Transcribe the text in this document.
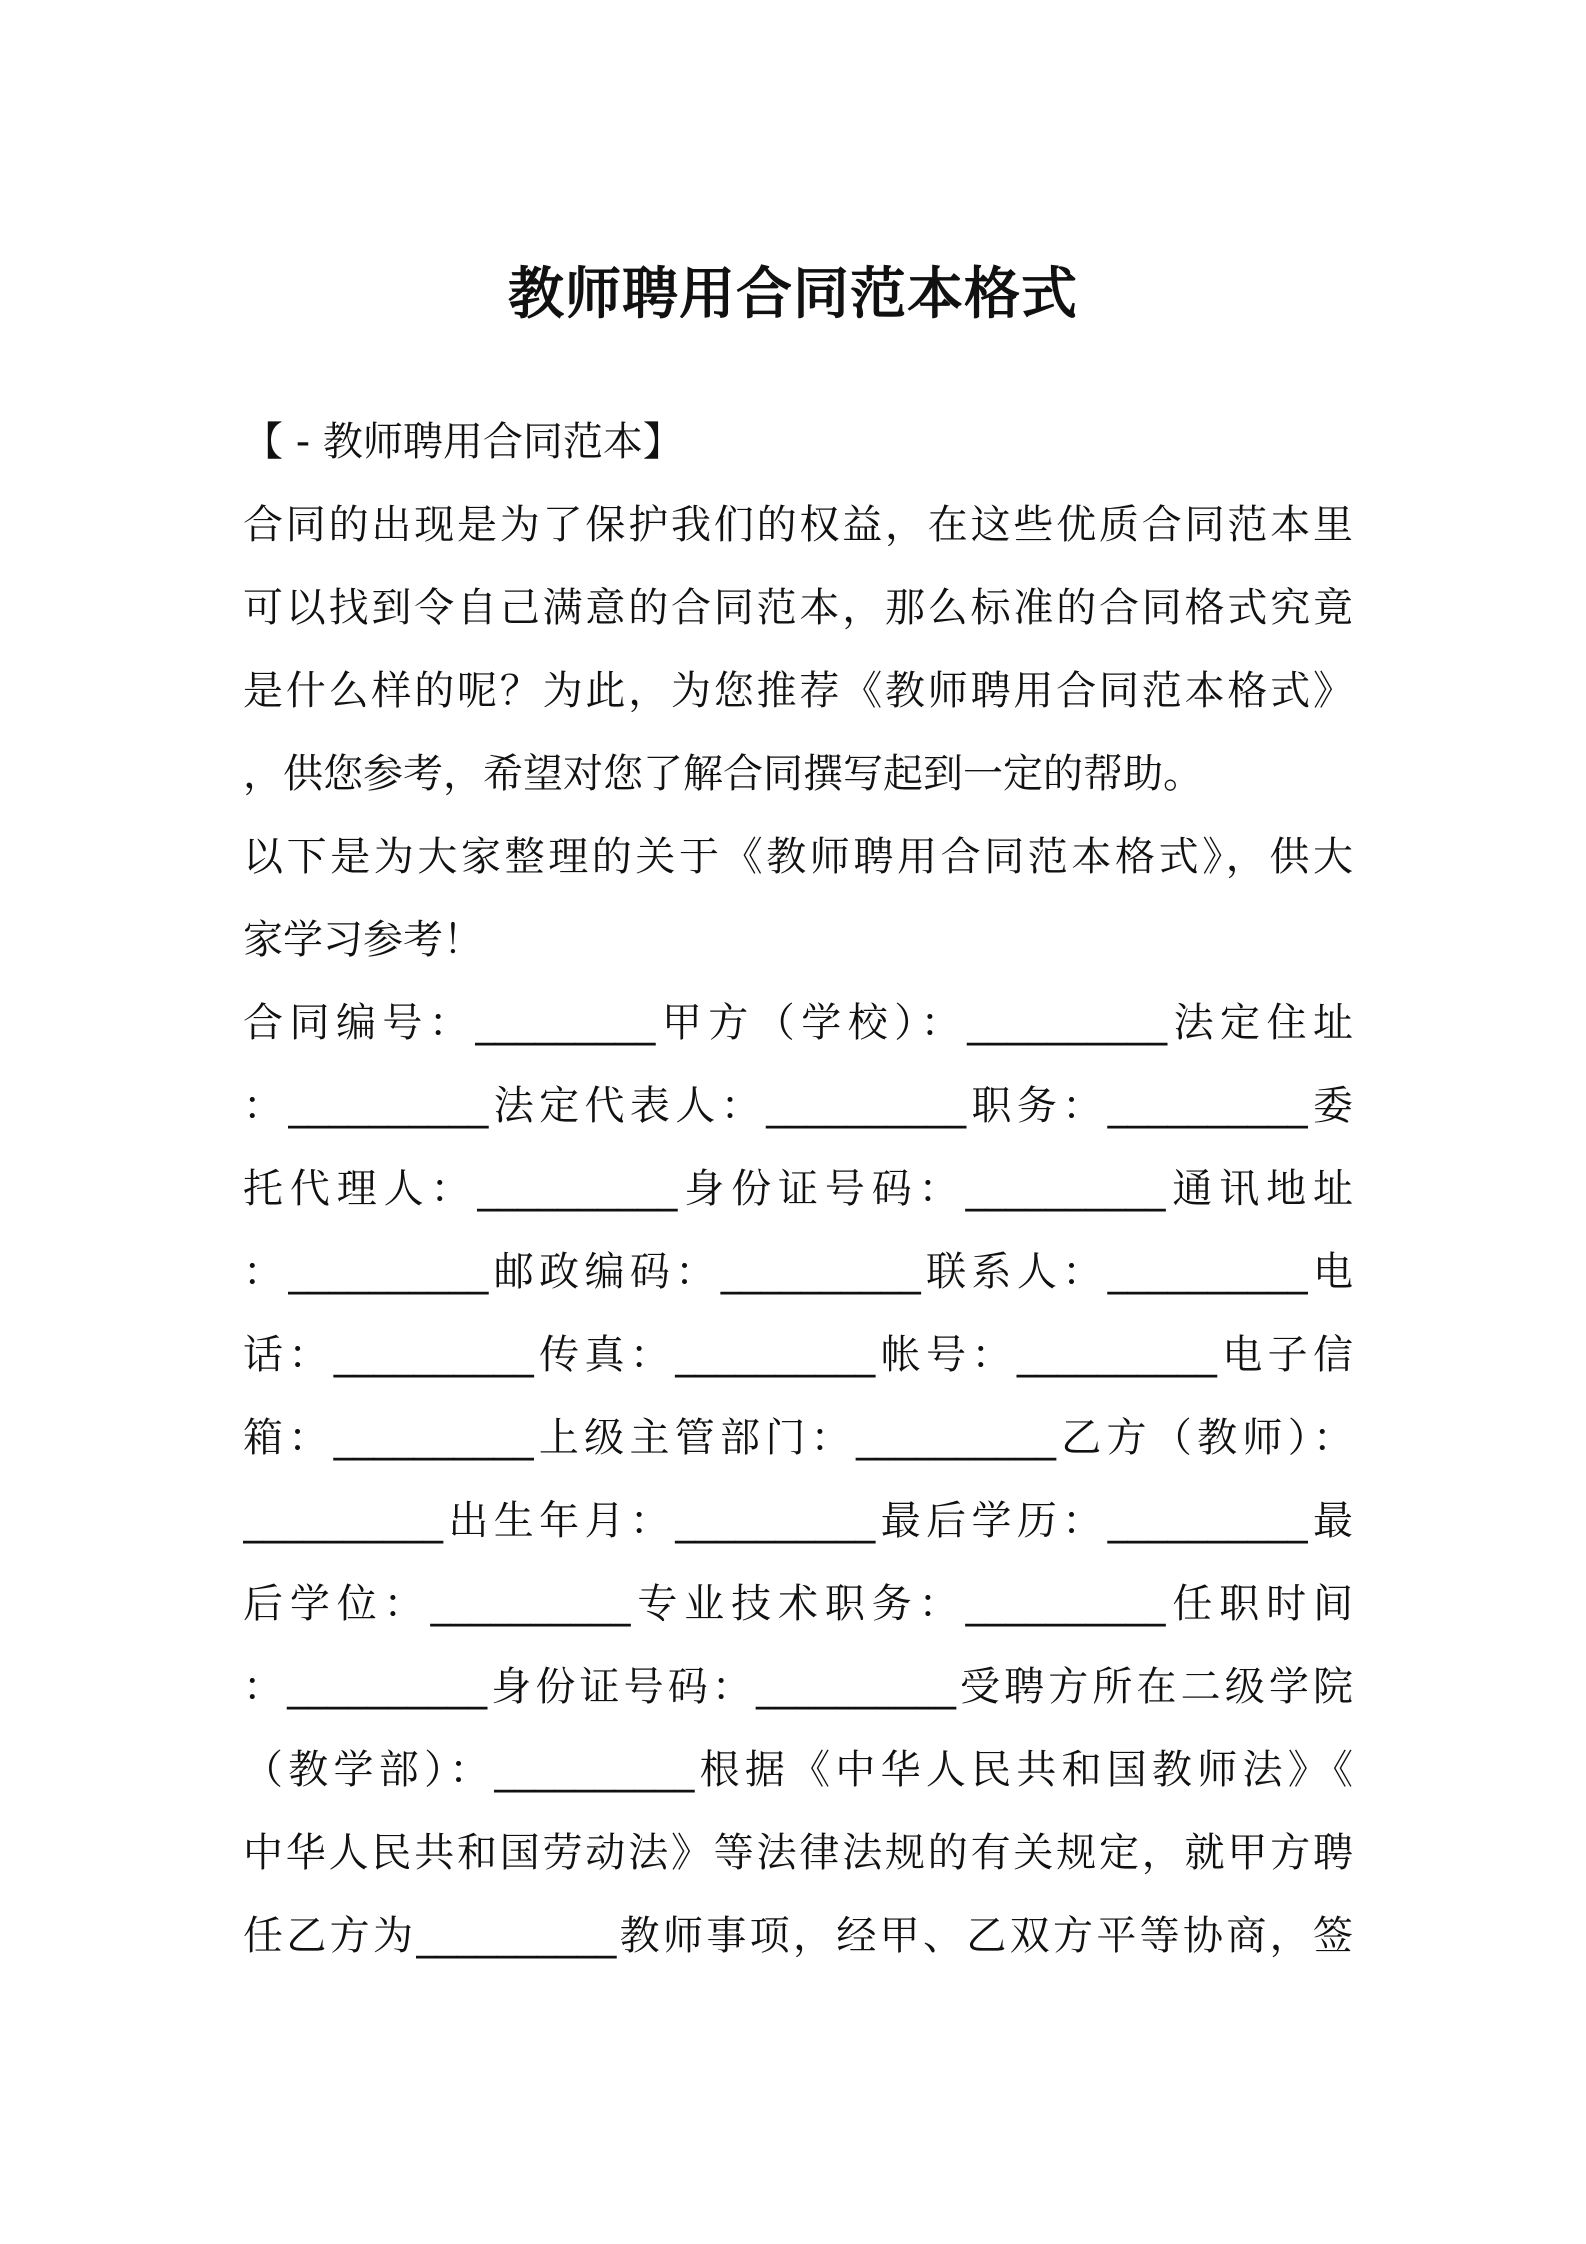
教师聘用合同范本格式
【 - 教师聘用合同范本】
合同的出现是为了保护我们的权益，在这些优质合同范本里
可以找到令自己满意的合同范本，那么标准的合同格式究竟
是什么样的呢？为此，为您推荐《教师聘用合同范本格式》
，供您参考，希望对您了解合同撰写起到一定的帮助。
以下是为大家整理的关于《教师聘用合同范本格式》，供大
家学习参考！
合同编号：_________甲方（学校）：__________法定住址
：__________法定代表人：__________职务：__________委
托代理人：__________身份证号码：__________通讯地址
：__________邮政编码：__________联系人：__________电
话：__________传真：__________帐号：__________电子信
箱：__________上级主管部门：__________乙方（教师）：
__________出生年月：__________最后学历：__________最
后学位：__________专业技术职务：__________任职时间
：__________身份证号码：__________受聘方所在二级学院
（教学部）：__________根据《中华人民共和国教师法》《
中华人民共和国劳动法》等法律法规的有关规定，就甲方聘
任乙方为__________教师事项，经甲、乙双方平等协商，签
